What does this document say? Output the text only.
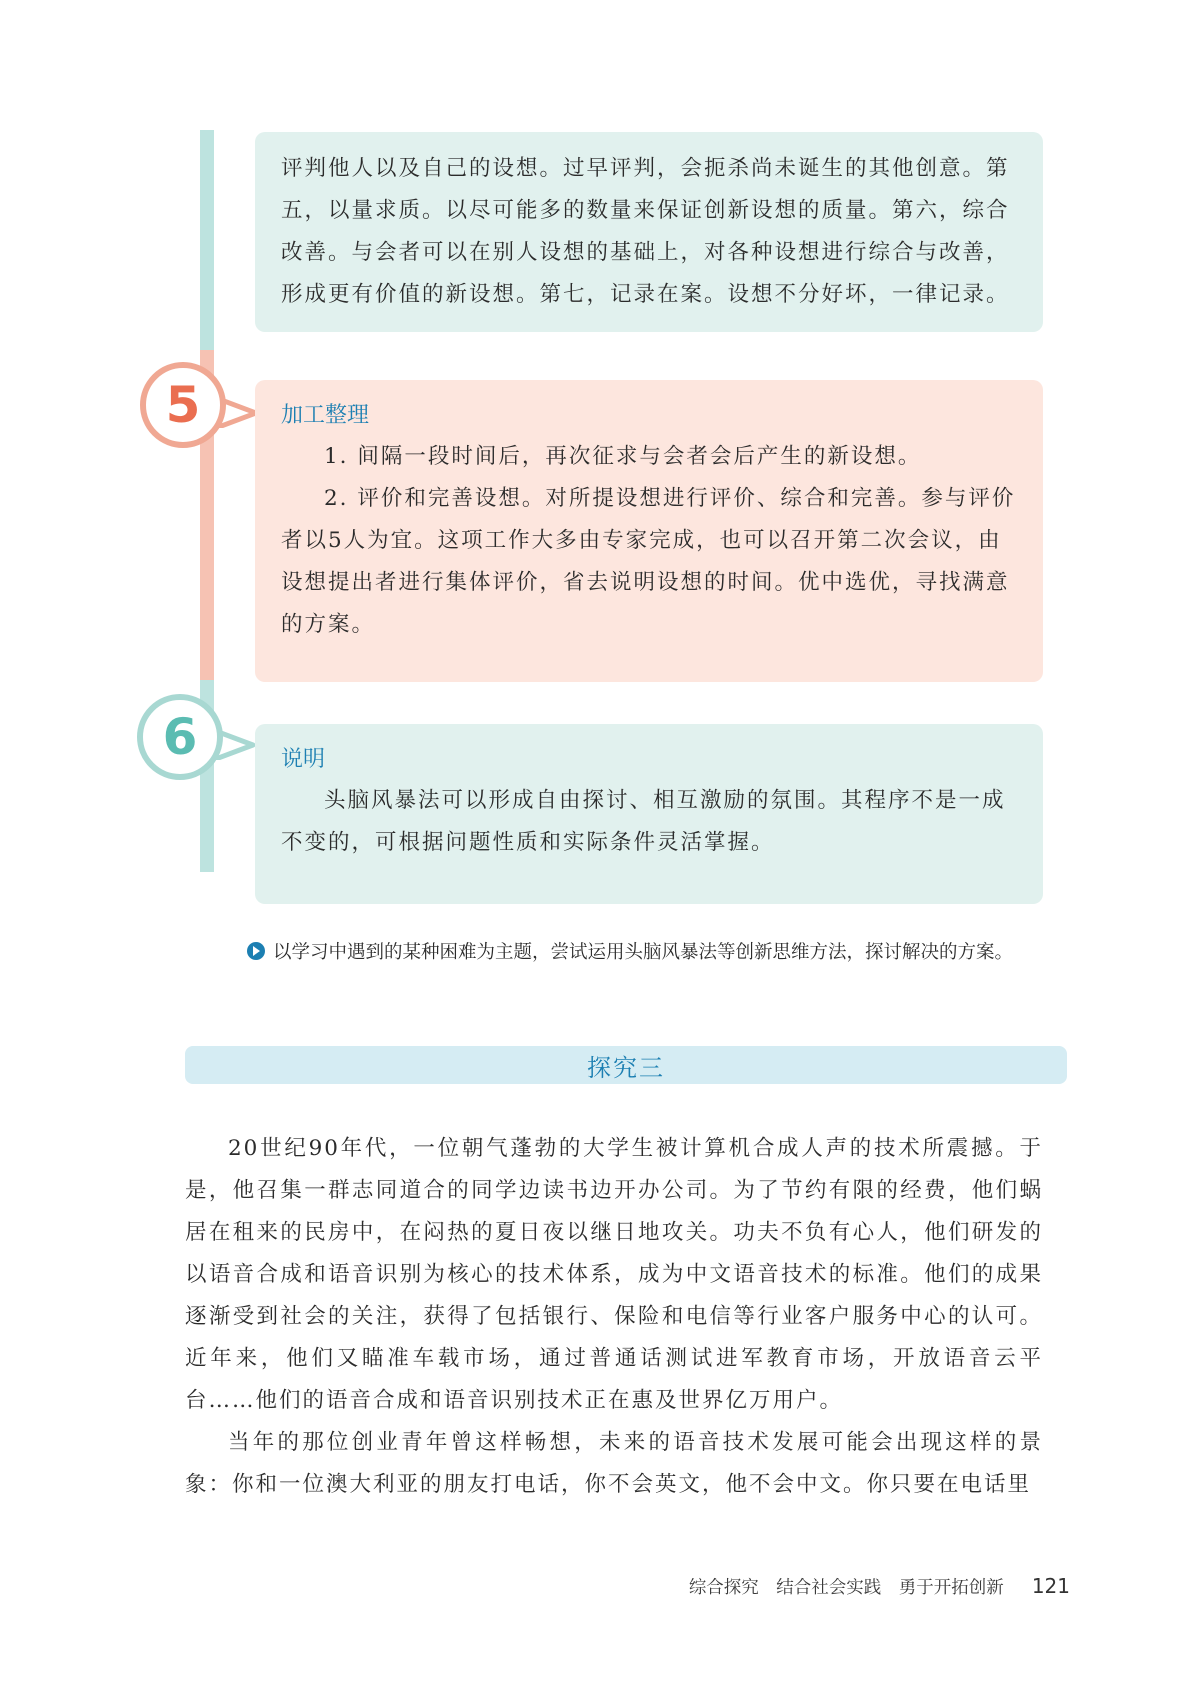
评判他人以及自己的设想。过早评判，会扼杀尚未诞生的其他创意。第五，以量求质。以尽可能多的数量来保证创新设想的质量。第六，综合改善。与会者可以在别人设想的基础上，对各种设想进行综合与改善，形成更有价值的新设想。第七，记录在案。设想不分好坏，一律记录。
5	加工整理
1. 间隔一段时间后，再次征求与会者会后产生的新设想。
2. 评价和完善设想。对所提设想进行评价、综合和完善。参与评价者以5人为宜。这项工作大多由专家完成，也可以召开第二次会议，由设想提出者进行集体评价，省去说明设想的时间。优中选优，寻找满意的方案。
6	说明
头脑风暴法可以形成自由探讨、相互激励的氛围。其程序不是一成不变的，可根据问题性质和实际条件灵活掌握。
以学习中遇到的某种困难为主题，尝试运用头脑风暴法等创新思维方法，探讨解决的方案。
探究三
20世纪90年代，一位朝气蓬勃的大学生被计算机合成人声的技术所震撼。于是，他召集一群志同道合的同学边读书边开办公司。为了节约有限的经费，他们蜗居在租来的民房中，在闷热的夏日夜以继日地攻关。功夫不负有心人，他们研发的以语音合成和语音识别为核心的技术体系，成为中文语音技术的标准。他们的成果逐渐受到社会的关注，获得了包括银行、保险和电信等行业客户服务中心的认可。近年来，他们又瞄准车载市场，通过普通话测试进军教育市场，开放语音云平台……他们的语音合成和语音识别技术正在惠及世界亿万用户。
当年的那位创业青年曾这样畅想，未来的语音技术发展可能会出现这样的景象：你和一位澳大利亚的朋友打电话，你不会英文，他不会中文。你只要在电话里
综合探究　结合社会实践　勇于开拓创新 121
